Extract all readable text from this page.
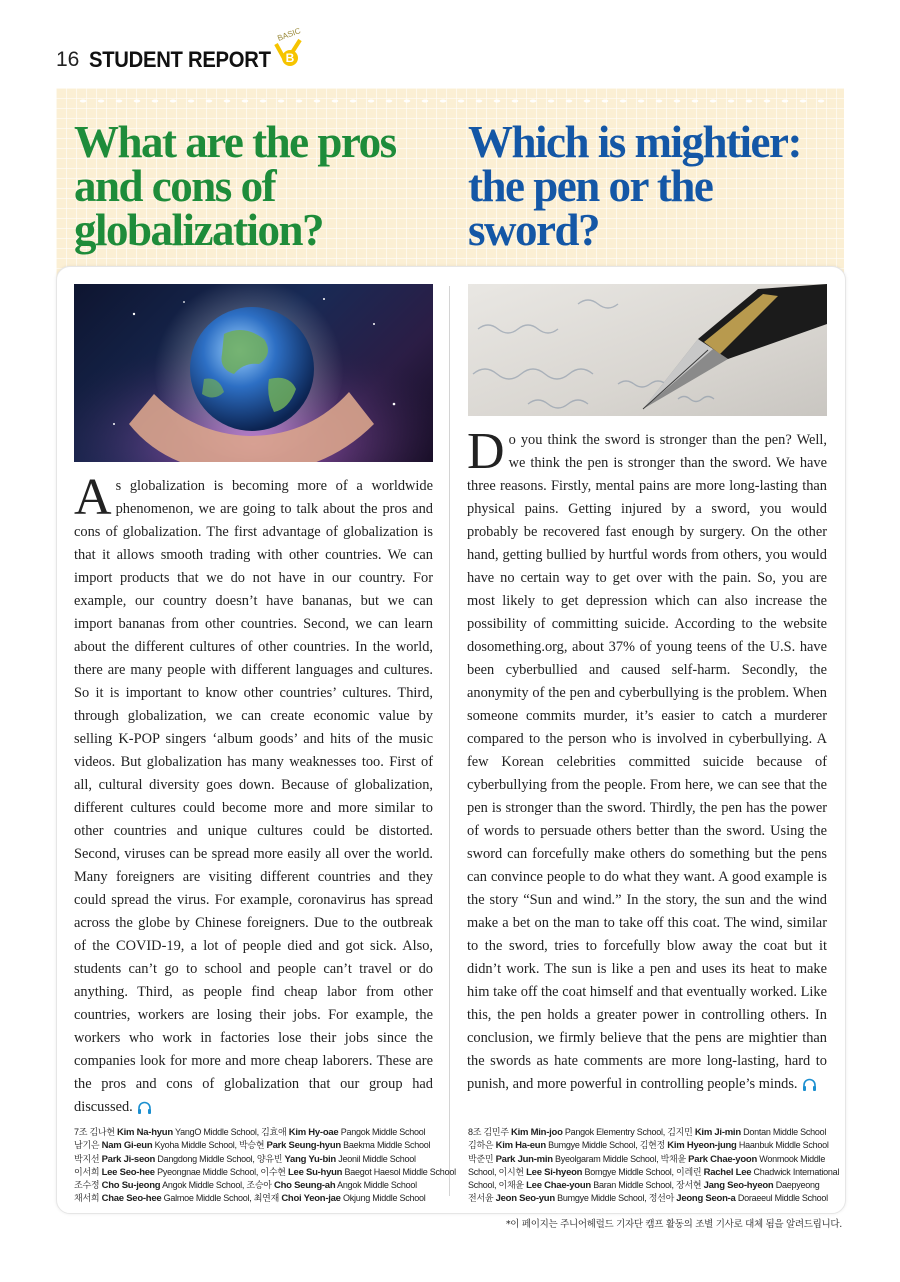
16 STUDENT REPORT
BASIC
B
What are the pros and cons of globalization?
Which is mightier: the pen or the sword?

As globalization is becoming more of a worldwide phenomenon, we are going to talk about the pros and cons of globalization. The first advantage of globalization is that it allows smooth trading with other countries. We can import products that we do not have in our country. For example, our country doesn’t have bananas, but we can import bananas from other countries. Second, we can learn about the different cultures of other countries. In the world, there are many people with different languages and cultures. So it is important to know other countries’ cultures. Third, through globalization, we can create economic value by selling K-POP singers ‘album goods’ and hits of the music videos. But globalization has many weaknesses too. First of all, cultural diversity goes down. Because of globalization, different cultures could become more and more similar to other countries and unique cultures could be distorted. Second, viruses can be spread more easily all over the world. Many foreigners are visiting different countries and they could spread the virus. For example, coronavirus has spread across the globe by Chinese foreigners. Due to the outbreak of the COVID-19, a lot of people died and got sick. Also, students can’t go to school and people can’t travel or do anything. Third, as people find cheap labor from other countries, workers are losing their jobs. For example, the workers who work in factories lose their jobs since the companies look for more and more cheap laborers. These are the pros and cons of globalization that our group had discussed.

Do you think the sword is stronger than the pen? Well, we think the pen is stronger than the sword. We have three reasons. Firstly, mental pains are more long-lasting than physical pains. Getting injured by a sword, you would probably be recovered fast enough by surgery. On the other hand, getting bullied by hurtful words from others, you would have no certain way to get over with the pain. So, you are most likely to get depression which can also increase the possibility of committing suicide. According to the website dosomething.org, about 37% of young teens of the U.S. have been cyberbullied and caused self-harm. Secondly, the anonymity of the pen and cyberbullying is the problem. When someone commits murder, it’s easier to catch a murderer compared to the person who is involved in cyberbullying. A few Korean celebrities committed suicide because of cyberbullying from the people. From here, we can see that the pen is stronger than the sword. Thirdly, the pen has the power of words to persuade others better than the sword. Using the sword can forcefully make others do something but the pens can convince people to do what they want. A good example is the story “Sun and wind.” In the story, the sun and the wind make a bet on the man to take off this coat. The wind, similar to the sword, tries to forcefully blow away the coat but it didn’t work. The sun is like a pen and uses its heat to make him take off the coat himself and that eventually worked. Like this, the pen holds a greater power in controlling others. In conclusion, we firmly believe that the pens are mightier than the swords as hate comments are more long-lasting, hard to punish, and more powerful in controlling people’s minds.

7조 김나현 Kim Na-hyun YangO Middle School, 김효애 Kim Hy-oae Pangok Middle School
남기은 Nam Gi-eun Kyoha Middle School, 박승현 Park Seung-hyun Baekma Middle School
박지선 Park Ji-seon Dangdong Middle School, 양유빈 Yang Yu-bin Jeonil Middle School
이서희 Lee Seo-hee Pyeongnae Middle School, 이수현 Lee Su-hyun Baegot Haesol Middle School
조수정 Cho Su-jeong Angok Middle School, 조승아 Cho Seung-ah Angok Middle School
채서희 Chae Seo-hee Galmoe Middle School, 최연재 Choi Yeon-jae Okjung Middle School
8조 김민주 Kim Min-joo Pangok Elementry School, 김지민 Kim Ji-min Dontan Middle School
김하은 Kim Ha-eun Bumgye Middle School, 김현정 Kim Hyeon-jung Haanbuk Middle School
박준민 Park Jun-min Byeolgaram Middle School, 박채윤 Park Chae-yoon Wonmook Middle
School, 이시현 Lee Si-hyeon Bomgye Middle School, 이레린 Rachel Lee Chadwick International
School, 이채윤 Lee Chae-youn Baran Middle School, 장서현 Jang Seo-hyeon Daepyeong
전서윤 Jeon Seo-yun Bumgye Middle School, 정선아 Jeong Seon-a Doraeeul Middle School
*이 페이지는 주니어헤럴드 기자단 캠프 활동의 조별 기사로 대체 됨을 알려드립니다.
